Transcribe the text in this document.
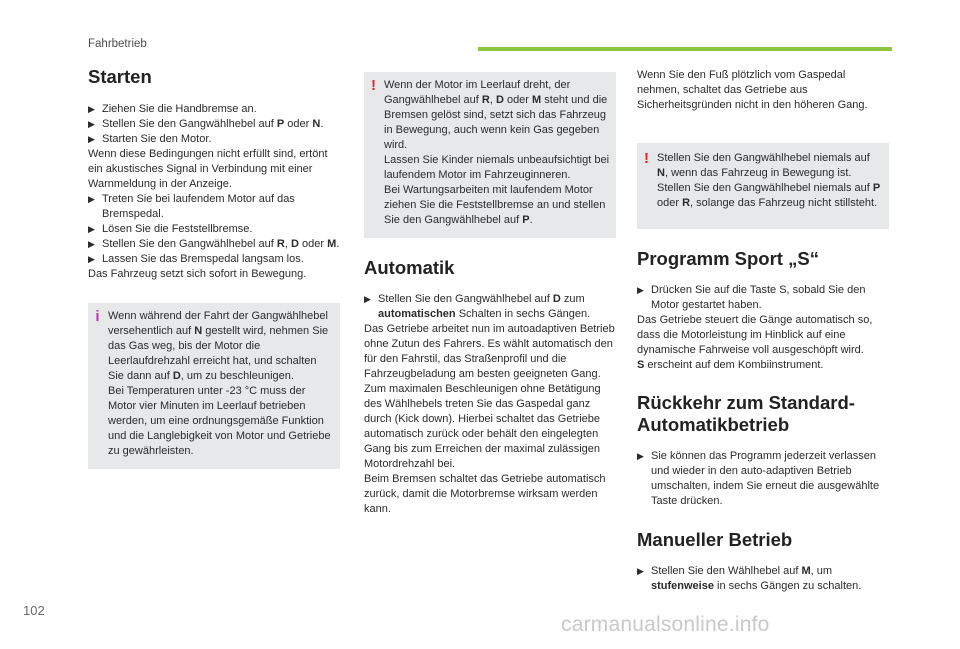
Fahrbetrieb
Starten

▶ Ziehen Sie die Handbremse an.

▶ Stellen Sie den Gangwählhebel auf P oder N.

▶ Starten Sie den Motor.

Wenn diese Bedingungen nicht erfüllt sind, ertönt ein akustisches Signal in Verbindung mit einer Warnmeldung in der Anzeige.

▶ Treten Sie bei laufendem Motor auf das Bremspedal.

▶ Lösen Sie die Feststellbremse.

▶ Stellen Sie den Gangwählhebel auf R, D oder M.

▶ Lassen Sie das Bremspedal langsam los.

Das Fahrzeug setzt sich sofort in Bewegung.

i Wenn während der Fahrt der Gangwählhebel versehentlich auf N gestellt wird, nehmen Sie das Gas weg, bis der Motor die Leerlaufdrehzahl erreicht hat, und schalten Sie dann auf D, um zu beschleunigen.

Bei Temperaturen unter -23 °C muss der Motor vier Minuten im Leerlauf betrieben werden, um eine ordnungsgemäße Funktion und die Langlebigkeit von Motor und Getriebe zu gewährleisten.

! Wenn der Motor im Leerlauf dreht, der Gangwählhebel auf R, D oder M steht und die Bremsen gelöst sind, setzt sich das Fahrzeug in Bewegung, auch wenn kein Gas gegeben wird.

Lassen Sie Kinder niemals unbeaufsichtigt bei laufendem Motor im Fahrzeuginneren.

Bei Wartungsarbeiten mit laufendem Motor ziehen Sie die Feststellbremse an und stellen Sie den Gangwählhebel auf P.

Automatik

▶ Stellen Sie den Gangwählhebel auf D zum automatischen Schalten in sechs Gängen.

Das Getriebe arbeitet nun im autoadaptiven Betrieb ohne Zutun des Fahrers. Es wählt automatisch den für den Fahrstil, das Straßenprofil und die Fahrzeugbeladung am besten geeigneten Gang.

Zum maximalen Beschleunigen ohne Betätigung des Wählhebels treten Sie das Gaspedal ganz durch (Kick down). Hierbei schaltet das Getriebe automatisch zurück oder behält den eingelegten Gang bis zum Erreichen der maximal zulässigen Motordrehzahl bei.

Beim Bremsen schaltet das Getriebe automatisch zurück, damit die Motorbremse wirksam werden kann.

Wenn Sie den Fuß plötzlich vom Gaspedal nehmen, schaltet das Getriebe aus Sicherheitsgründen nicht in den höheren Gang.

! Stellen Sie den Gangwählhebel niemals auf N, wenn das Fahrzeug in Bewegung ist.

Stellen Sie den Gangwählhebel niemals auf P oder R, solange das Fahrzeug nicht stillsteht.

Programm Sport „S“

▶ Drücken Sie auf die Taste S, sobald Sie den Motor gestartet haben.

Das Getriebe steuert die Gänge automatisch so, dass die Motorleistung im Hinblick auf eine dynamische Fahrweise voll ausgeschöpft wird.

S erscheint auf dem Kombiinstrument.

Rückkehr zum Standard-Automatikbetrieb

▶ Sie können das Programm jederzeit verlassen und wieder in den auto-adaptiven Betrieb umschalten, indem Sie erneut die ausgewählte Taste drücken.

Manueller Betrieb

▶ Stellen Sie den Wählhebel auf M, um stufenweise in sechs Gängen zu schalten.

102
carmanualsonline.info
